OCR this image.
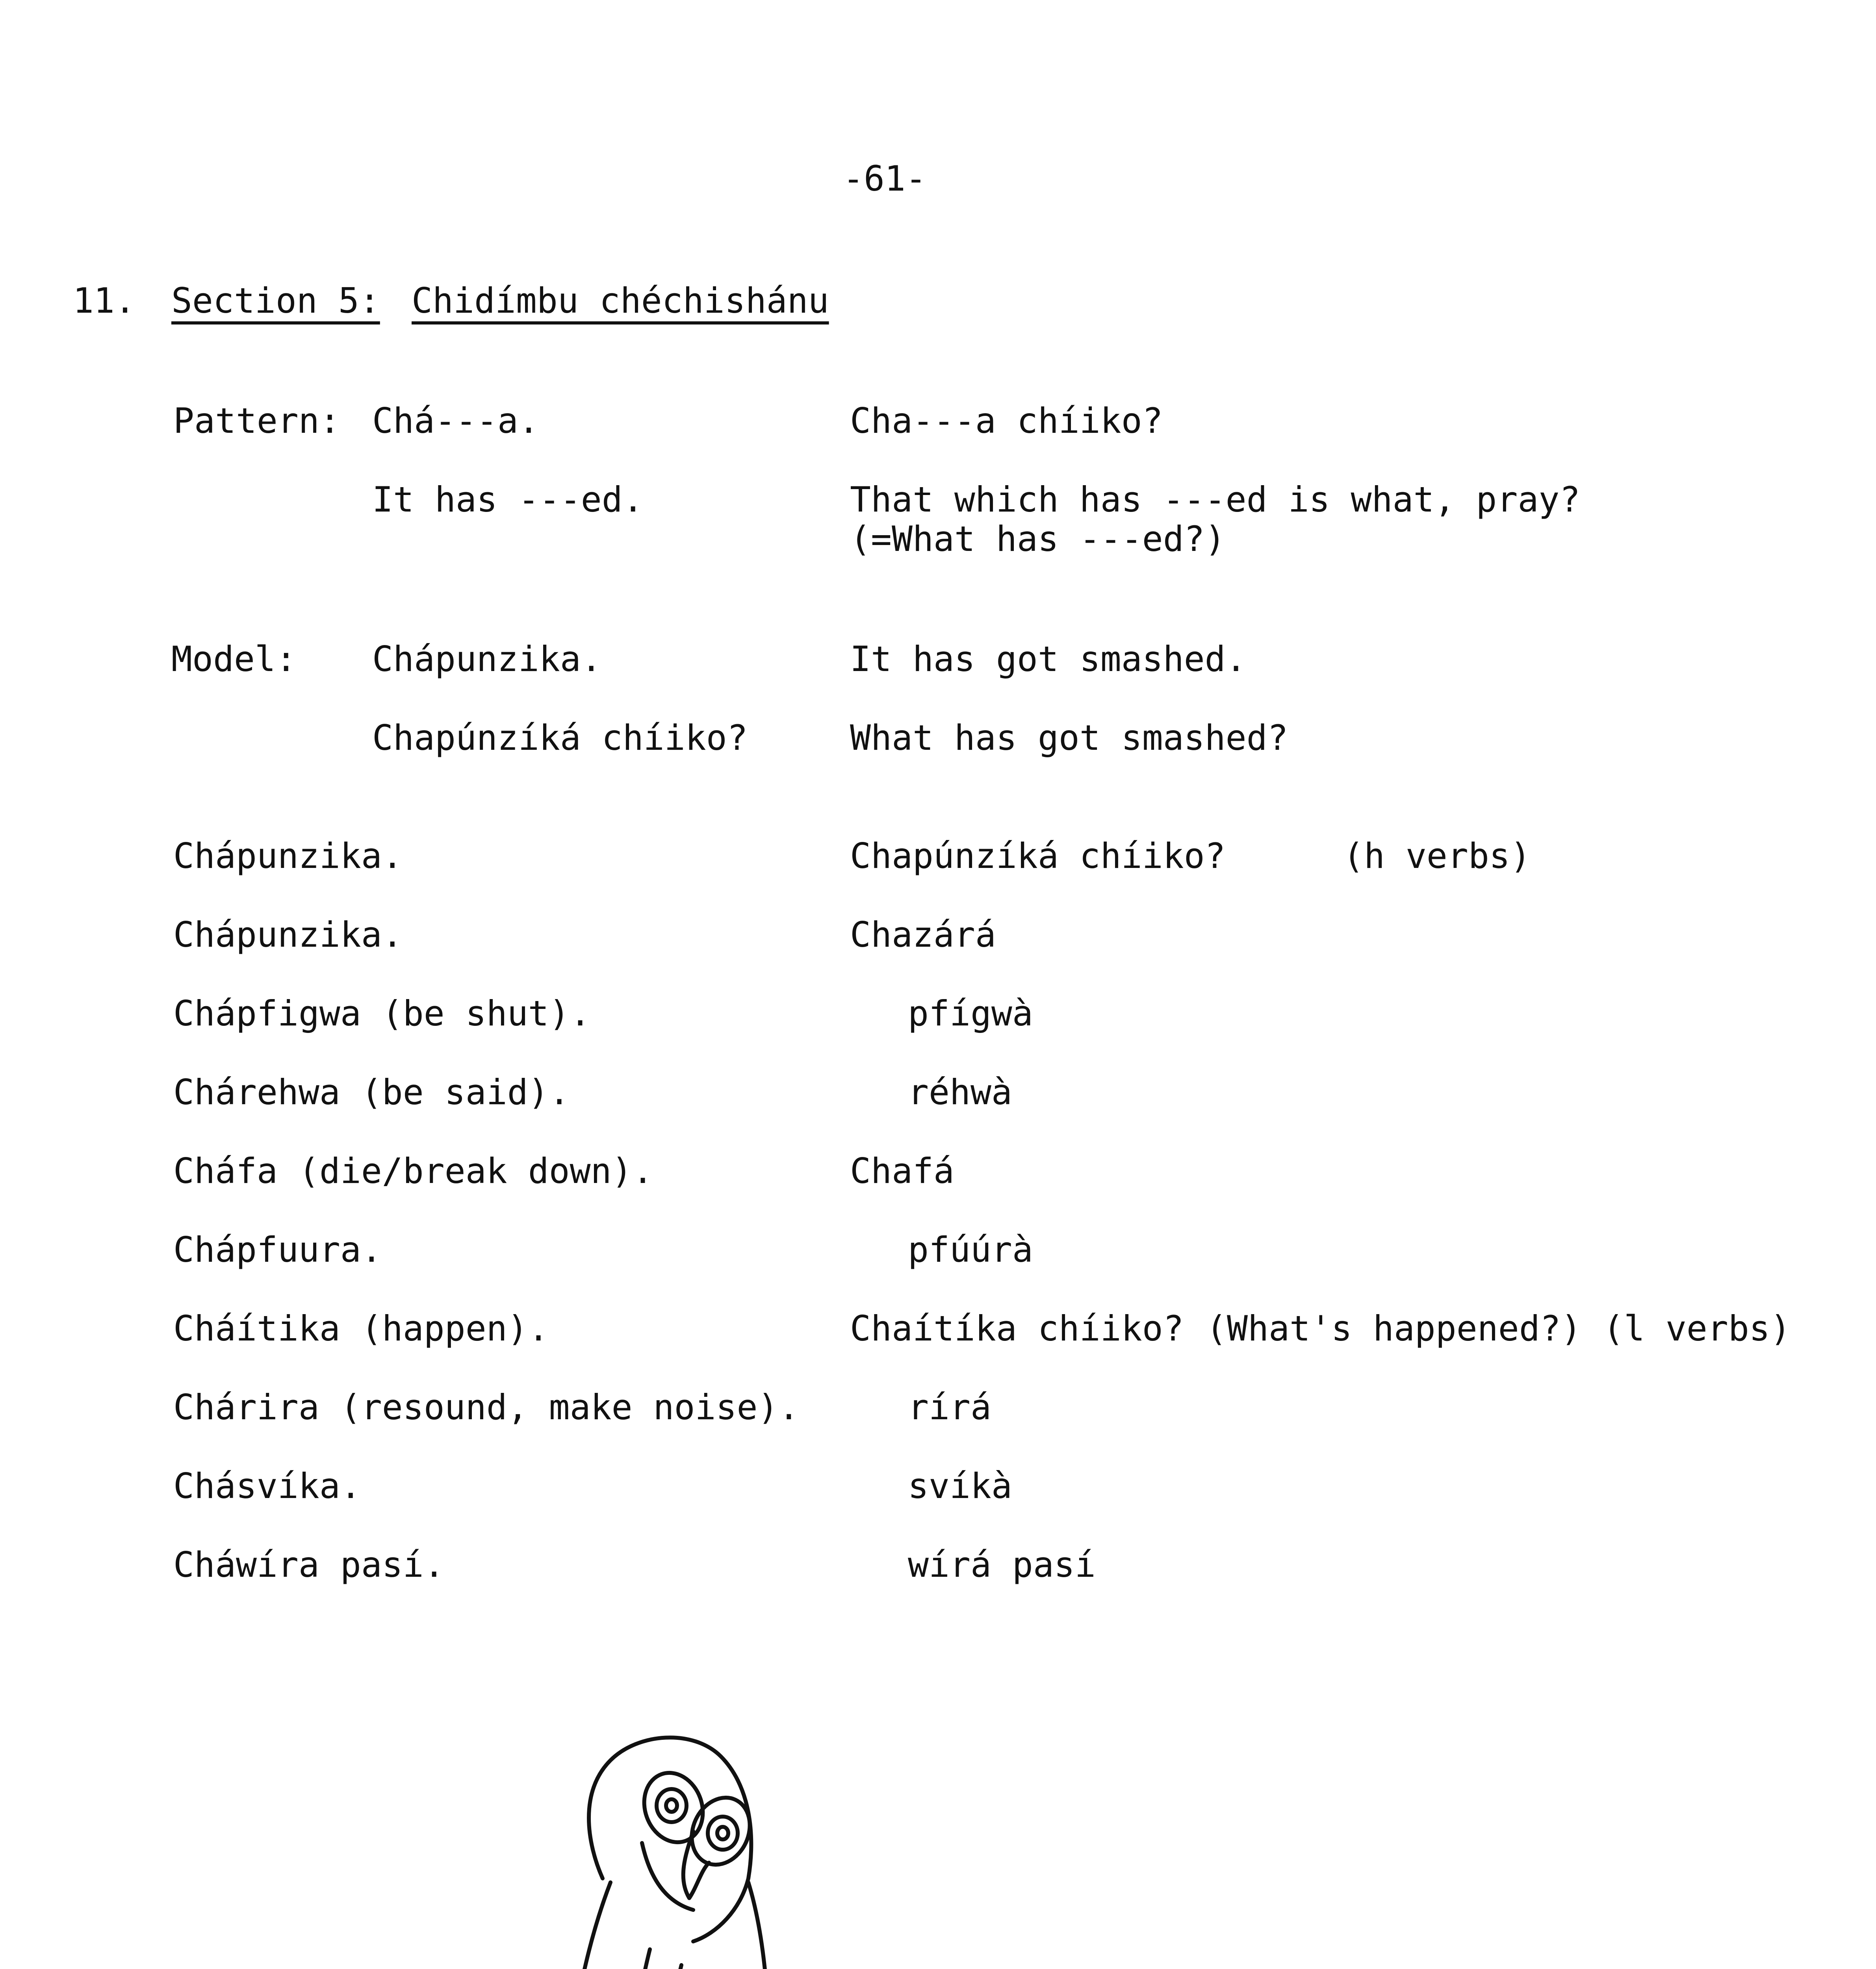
-61-
11. Section 5: Chidímbu chéchishánu
Pattern: Chá---a.	Cha---a chíiko?
It has ---ed.	That which has ---ed is what, pray?
(=What has ---ed?)
Model: Chápunzika.	It has got smashed.
Chapúnzíká chíiko?	What has got smashed?
Chápunzika.	Chapúnzíká chíiko?	(h verbs)
Chápunzika.	Chazárá
Chápfigwa (be shut).	pfígwà
Chárehwa (be said).	réhwà
Cháfa (die/break down).	Chafá
Chápfuura.	pfúúrà
Cháítika (happen).	Chaítíka chíiko? (What's happened?) (l verbs)
Chárira (resound, make noise).	rírá
Chásvíka.	svíkà
Cháwíra pasí.	wírá pasí
